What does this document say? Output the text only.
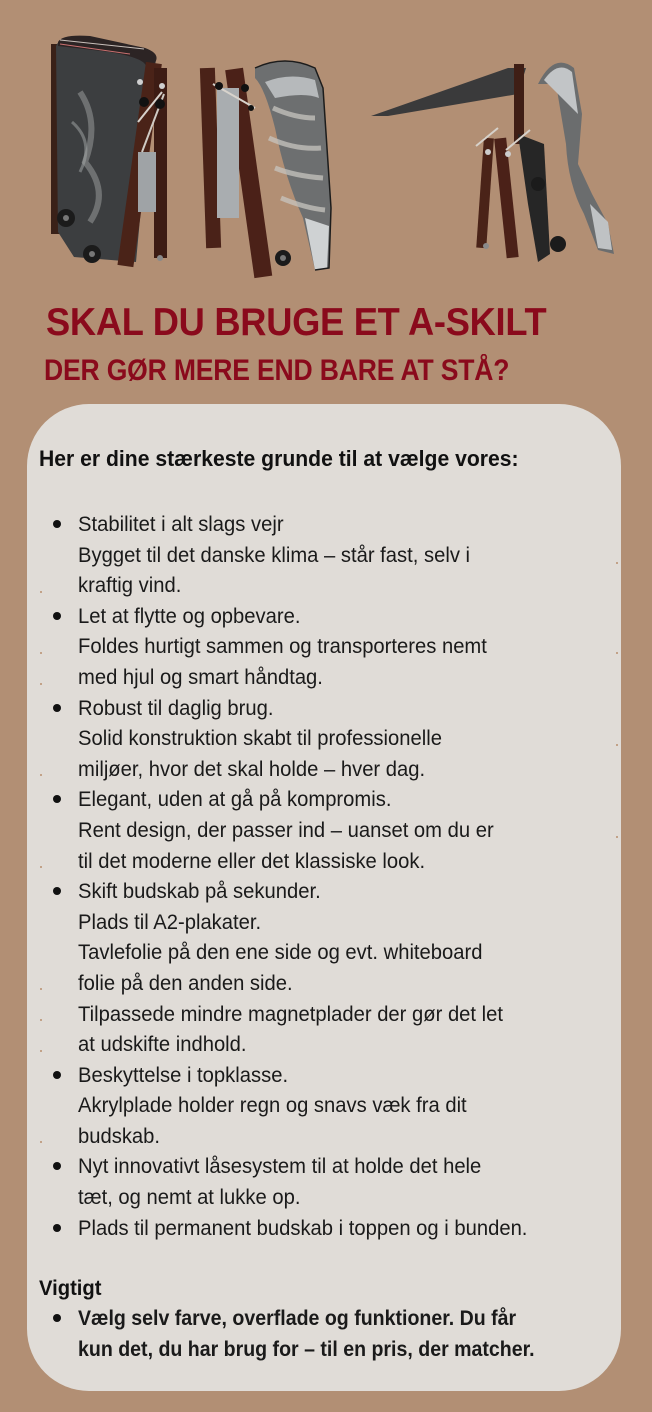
SKAL DU BRUGE ET A-SKILT
DER GØR MERE END BARE AT STÅ?
Her er dine stærkeste grunde til at vælge vores:
Stabilitet i alt slags vejr
Bygget til det danske klima – står fast, selv i
kraftig vind.
Let at flytte og opbevare.
Foldes hurtigt sammen og transporteres nemt
med hjul og smart håndtag.
Robust til daglig brug.
Solid konstruktion skabt til professionelle
miljøer, hvor det skal holde – hver dag.
Elegant, uden at gå på kompromis.
Rent design, der passer ind – uanset om du er
til det moderne eller det klassiske look.
Skift budskab på sekunder.
Plads til A2-plakater.
Tavlefolie på den ene side og evt. whiteboard
folie på den anden side.
Tilpassede mindre magnetplader der gør det let
at udskifte indhold.
Beskyttelse i topklasse.
Akrylplade holder regn og snavs væk fra dit
budskab.
Nyt innovativt låsesystem til at holde det hele
tæt, og nemt at lukke op.
Plads til permanent budskab i toppen og i bunden.
Vigtigt
Vælg selv farve, overflade og funktioner. Du får
kun det, du har brug for – til en pris, der matcher.
